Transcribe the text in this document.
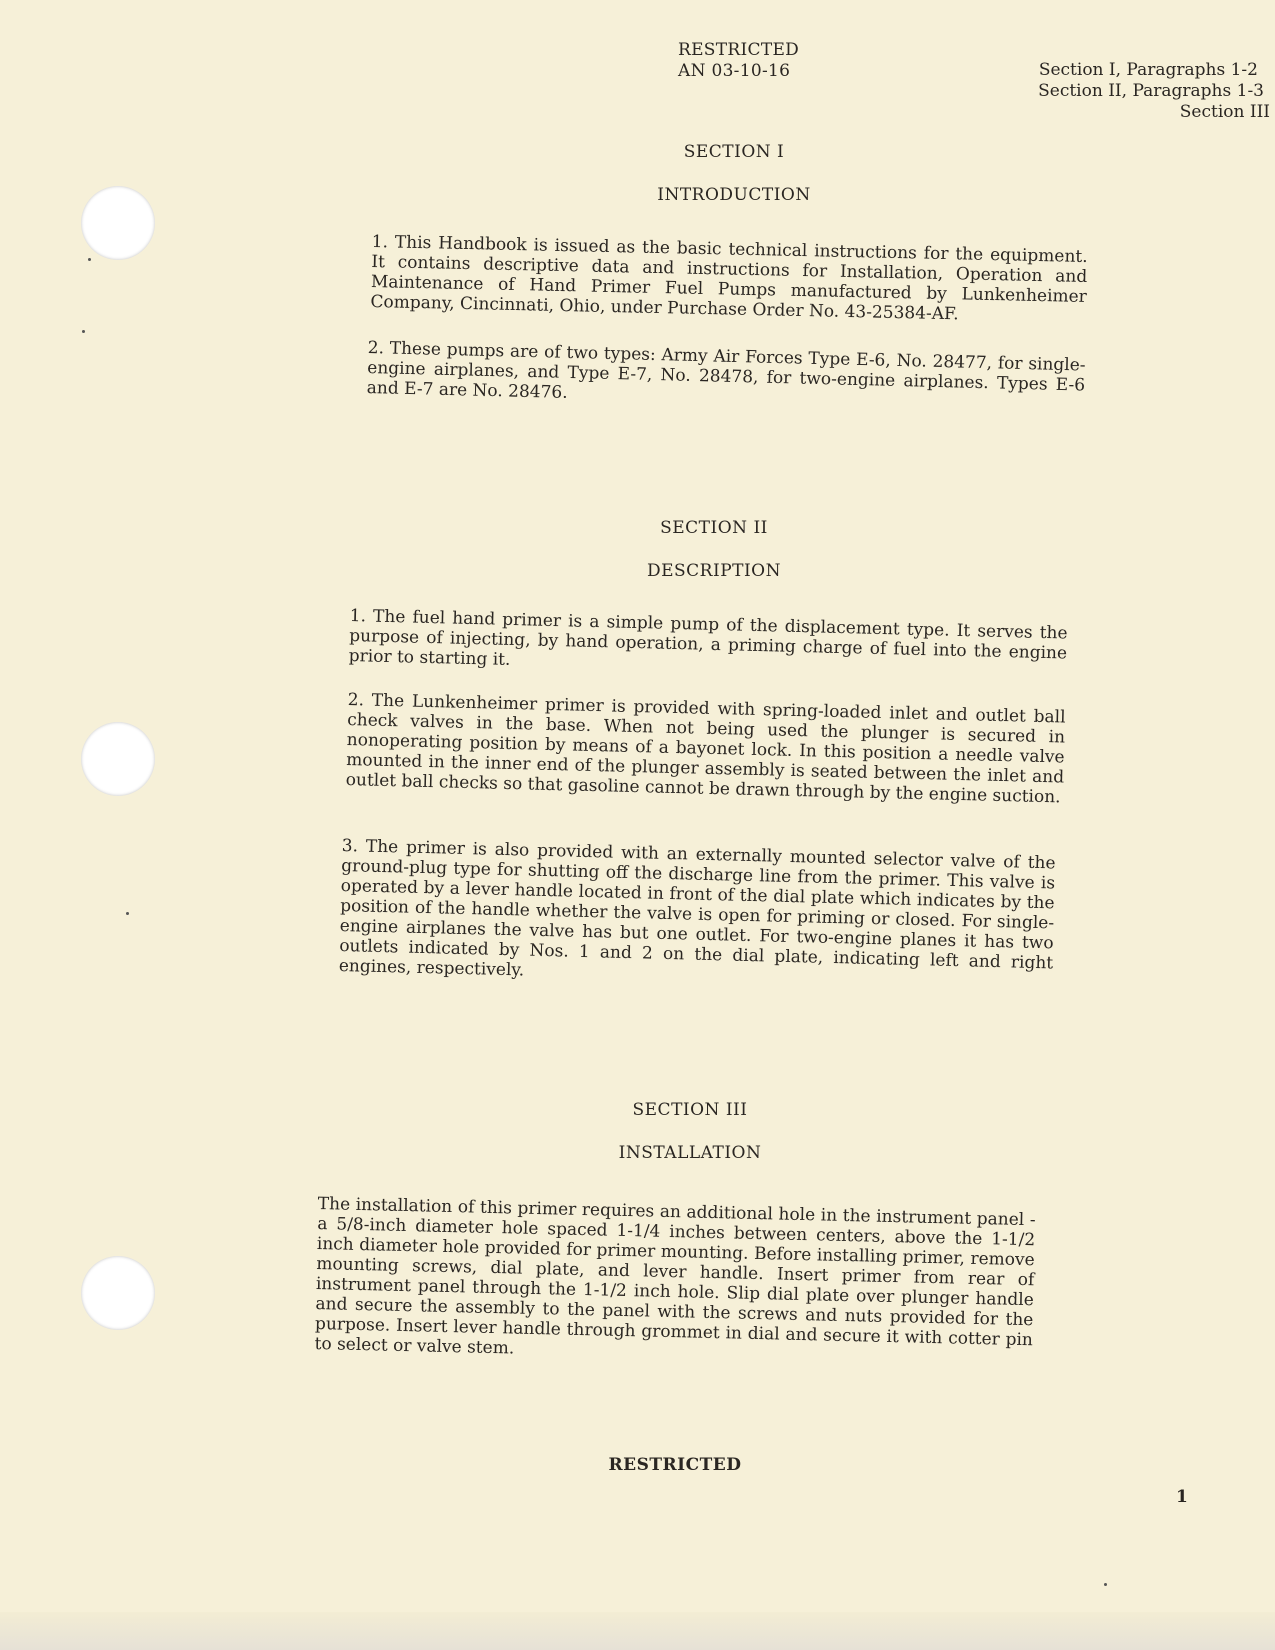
RESTRICTED
AN 03-10-16	Section I, Paragraphs 1-2
Section II, Paragraphs 1-3
Section III
SECTION I
INTRODUCTION
1. This Handbook is issued as the basic technical instructions for the equipment. It contains descriptive data and instructions for Installation, Operation and Maintenance of Hand Primer Fuel Pumps manufactured by Lunkenheimer Company, Cincinnati, Ohio, under Purchase Order No. 43-25384-AF.
2. These pumps are of two types: Army Air Forces Type E-6, No. 28477, for single-engine airplanes, and Type E-7, No. 28478, for two-engine airplanes. Types E-6 and E-7 are No. 28476.
SECTION II
DESCRIPTION
1. The fuel hand primer is a simple pump of the displacement type. It serves the purpose of injecting, by hand operation, a priming charge of fuel into the engine prior to starting it.
2. The Lunkenheimer primer is provided with spring-loaded inlet and outlet ball check valves in the base. When not being used the plunger is secured in nonoperating position by means of a bayonet lock. In this position a needle valve mounted in the inner end of the plunger assembly is seated between the inlet and outlet ball checks so that gasoline cannot be drawn through by the engine suction.
3. The primer is also provided with an externally mounted selector valve of the ground-plug type for shutting off the discharge line from the primer. This valve is operated by a lever handle located in front of the dial plate which indicates by the position of the handle whether the valve is open for priming or closed. For single-engine airplanes the valve has but one outlet. For two-engine planes it has two outlets indicated by Nos. 1 and 2 on the dial plate, indicating left and right engines, respectively.
SECTION III
INSTALLATION
The installation of this primer requires an additional hole in the instrument panel - a 5/8-inch diameter hole spaced 1-1/4 inches between centers, above the 1-1/2 inch diameter hole provided for primer mounting. Before installing primer, remove mounting screws, dial plate, and lever handle. Insert primer from rear of instrument panel through the 1-1/2 inch hole. Slip dial plate over plunger handle and secure the assembly to the panel with the screws and nuts provided for the purpose. Insert lever handle through grommet in dial and secure it with cotter pin to select or valve stem.
RESTRICTED
1
